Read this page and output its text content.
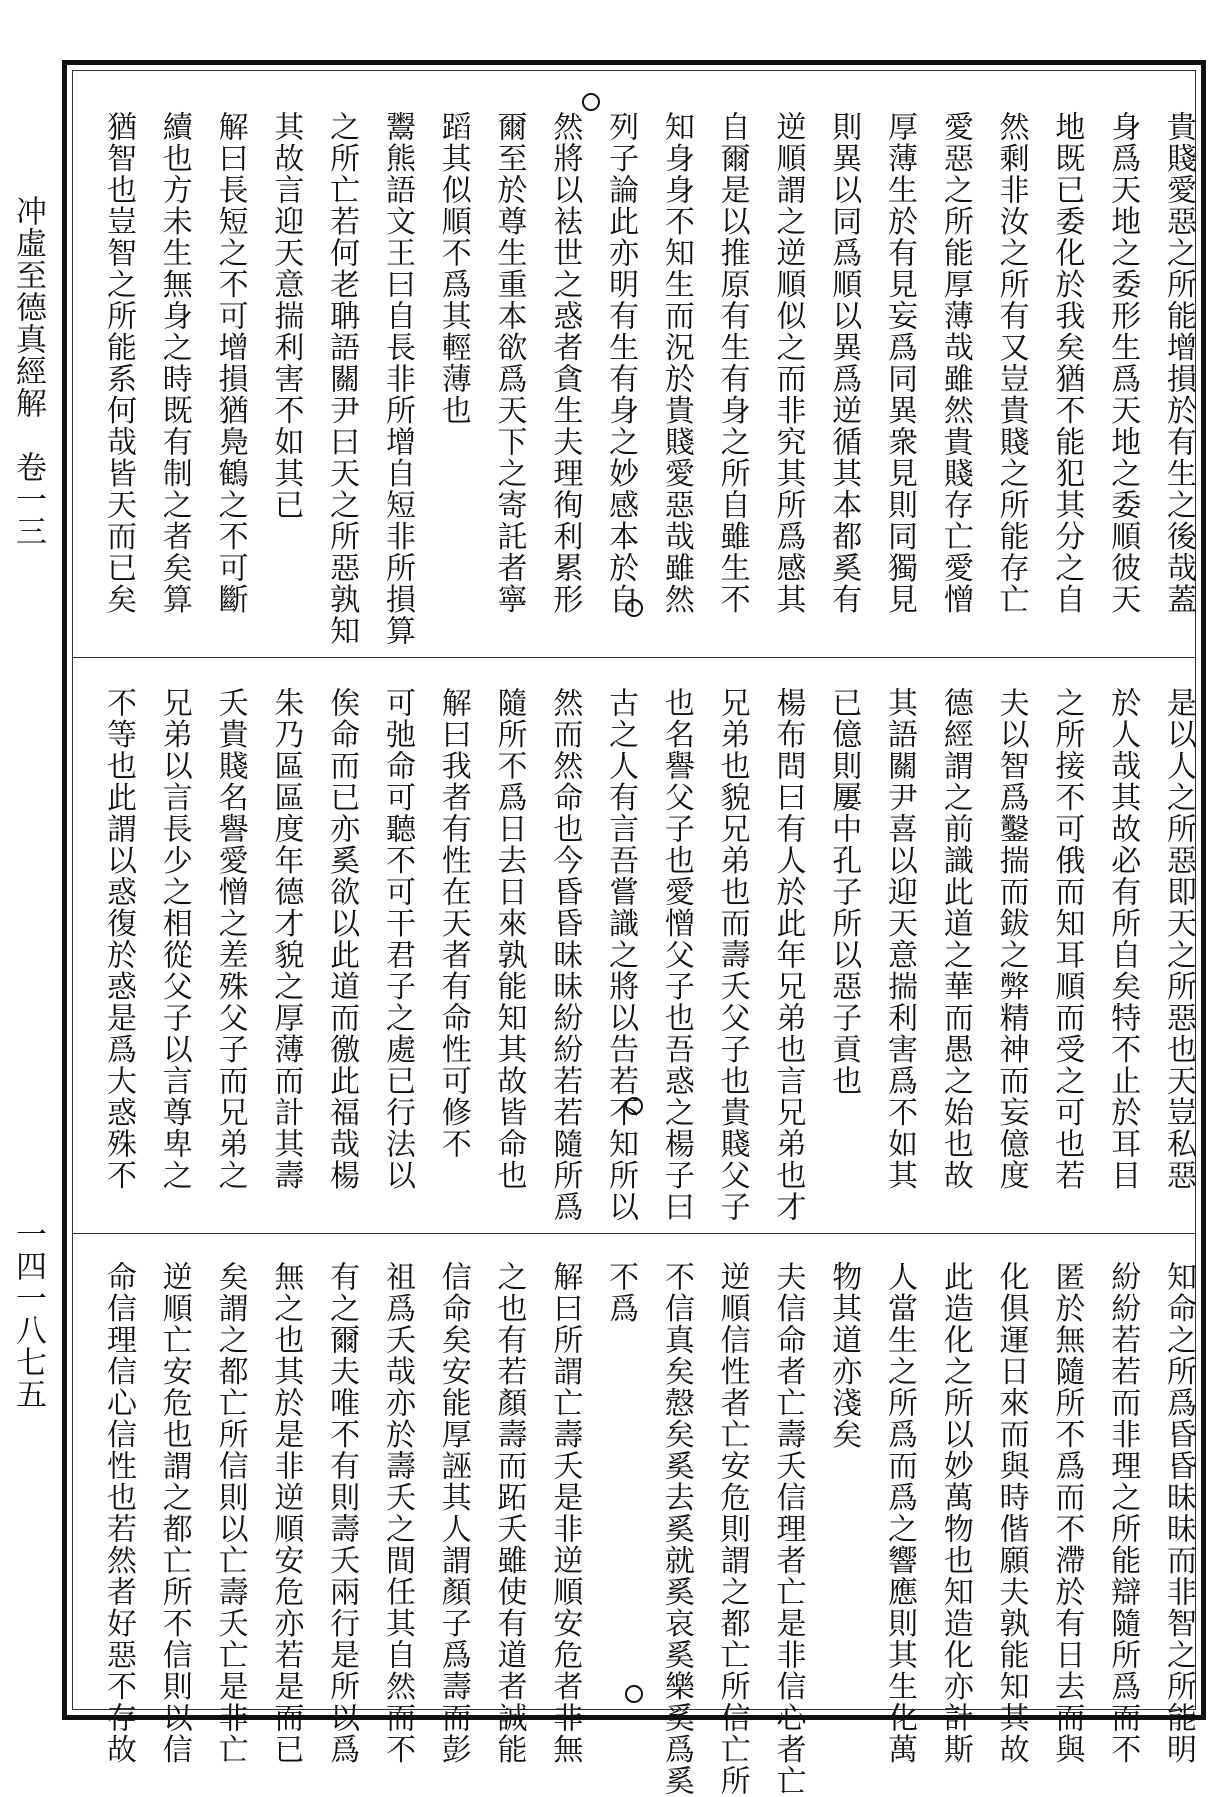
冲虛至德真經解　卷一三
一四一八七五
貴賤愛惡之所能增損於有生之後哉蓋
身爲天地之委形生爲天地之委順彼天
地既已委化於我矣猶不能犯其分之自
然剩非汝之所有又豈貴賤之所能存亡
愛惡之所能厚薄哉雖然貴賤存亡愛憎
厚薄生於有見妄爲同異衆見則同獨見
則異以同爲順以異爲逆循其本都奚有
逆順謂之逆順似之而非究其所爲感其
自爾是以推原有生有身之所自雖生不
知身身不知生而況於貴賤愛惡哉雖然
列子論此亦明有生有身之妙感本於自
然將以袪世之惑者貪生夫理徇利累形
爾至於尊生重本欲爲天下之寄託者寧
蹈其似順不爲其輕薄也
鬻熊語文王曰自長非所增自短非所損算
之所亡若何老聃語關尹曰天之所惡孰知
其故言迎天意揣利害不如其已
解曰長短之不可增損猶鳧鶴之不可斷
續也方未生無身之時既有制之者矣算
猶智也豈智之所能系何哉皆天而已矣
是以人之所惡即天之所惡也天豈私惡
於人哉其故必有所自矣特不止於耳目
之所接不可俄而知耳順而受之可也若
夫以智爲鑿揣而鈸之弊精神而妄億度
德經謂之前識此道之華而愚之始也故
其語關尹喜以迎天意揣利害爲不如其
已億則屢中孔子所以惡子貢也
楊布問曰有人於此年兄弟也言兄弟也才
兄弟也貌兄弟也而壽夭父子也貴賤父子
也名譽父子也愛憎父子也吾惑之楊子曰
古之人有言吾嘗識之將以告若不知所以
然而然命也今昏昏昧昧紛紛若若隨所爲
隨所不爲日去日來孰能知其故皆命也
解曰我者有性在天者有命性可修不
可弛命可聽不可干君子之處已行法以
俟命而已亦奚欲以此道而徼此福哉楊
朱乃區區度年德才貌之厚薄而計其壽
夭貴賤名譽愛憎之差殊父子而兄弟之
兄弟以言長少之相從父子以言尊卑之
不等也此謂以惑復於惑是爲大惑殊不
知命之所爲昏昏昧昧而非智之所能明
紛紛若若而非理之所能辯隨所爲而不
匿於無隨所不爲而不滯於有日去而與
化俱運日來而與時偕願夫孰能知其故
此造化之所以妙萬物也知造化亦計斯
人當生之所爲而爲之響應則其生化萬
物其道亦淺矣
夫信命者亡壽夭信理者亡是非信心者亡
逆順信性者亡安危則謂之都亡所信亡所
不信真矣慤矣奚去奚就奚哀奚樂奚爲奚
不爲
解曰所謂亡壽夭是非逆順安危者非無
之也有若顏壽而跖夭雖使有道者誠能
信命矣安能厚誣其人謂顏子爲壽而彭
祖爲夭哉亦於壽夭之間任其自然而不
有之爾夫唯不有則壽夭兩行是所以爲
無之也其於是非逆順安危亦若是而已
矣謂之都亡所信則以亡壽夭亡是非亡
逆順亡安危也謂之都亡所不信則以信
命信理信心信性也若然者好惡不存故
